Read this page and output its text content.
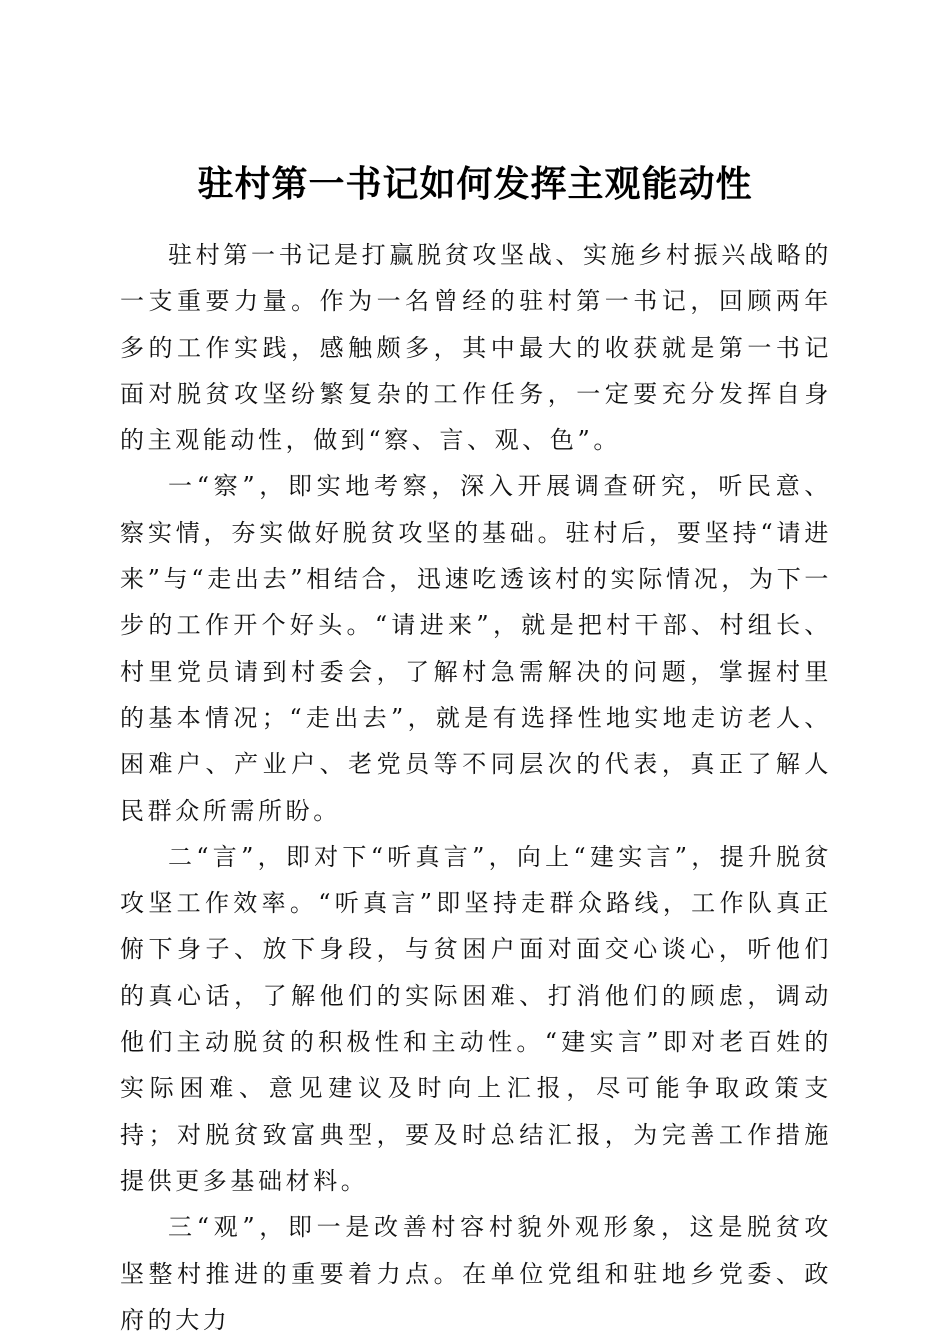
驻村第一书记如何发挥主观能动性

驻村第一书记是打赢脱贫攻坚战、实施乡村振兴战略的一支重要力量。作为一名曾经的驻村第一书记，回顾两年多的工作实践，感触颇多，其中最大的收获就是第一书记面对脱贫攻坚纷繁复杂的工作任务，一定要充分发挥自身的主观能动性，做到“察、言、观、色”。

一“察”，即实地考察，深入开展调查研究，听民意、察实情，夯实做好脱贫攻坚的基础。驻村后，要坚持“请进来”与“走出去”相结合，迅速吃透该村的实际情况，为下一步的工作开个好头。“请进来”，就是把村干部、村组长、村里党员请到村委会，了解村急需解决的问题，掌握村里的基本情况；“走出去”，就是有选择性地实地走访老人、困难户、产业户、老党员等不同层次的代表，真正了解人民群众所需所盼。

二“言”，即对下“听真言”，向上“建实言”，提升脱贫攻坚工作效率。“听真言”即坚持走群众路线，工作队真正俯下身子、放下身段，与贫困户面对面交心谈心，听他们的真心话，了解他们的实际困难、打消他们的顾虑，调动他们主动脱贫的积极性和主动性。“建实言”即对老百姓的实际困难、意见建议及时向上汇报，尽可能争取政策支持；对脱贫致富典型，要及时总结汇报，为完善工作措施提供更多基础材料。

三“观”，即一是改善村容村貌外观形象，这是脱贫攻坚整村推进的重要着力点。在单位党组和驻地乡党委、政府的大力
